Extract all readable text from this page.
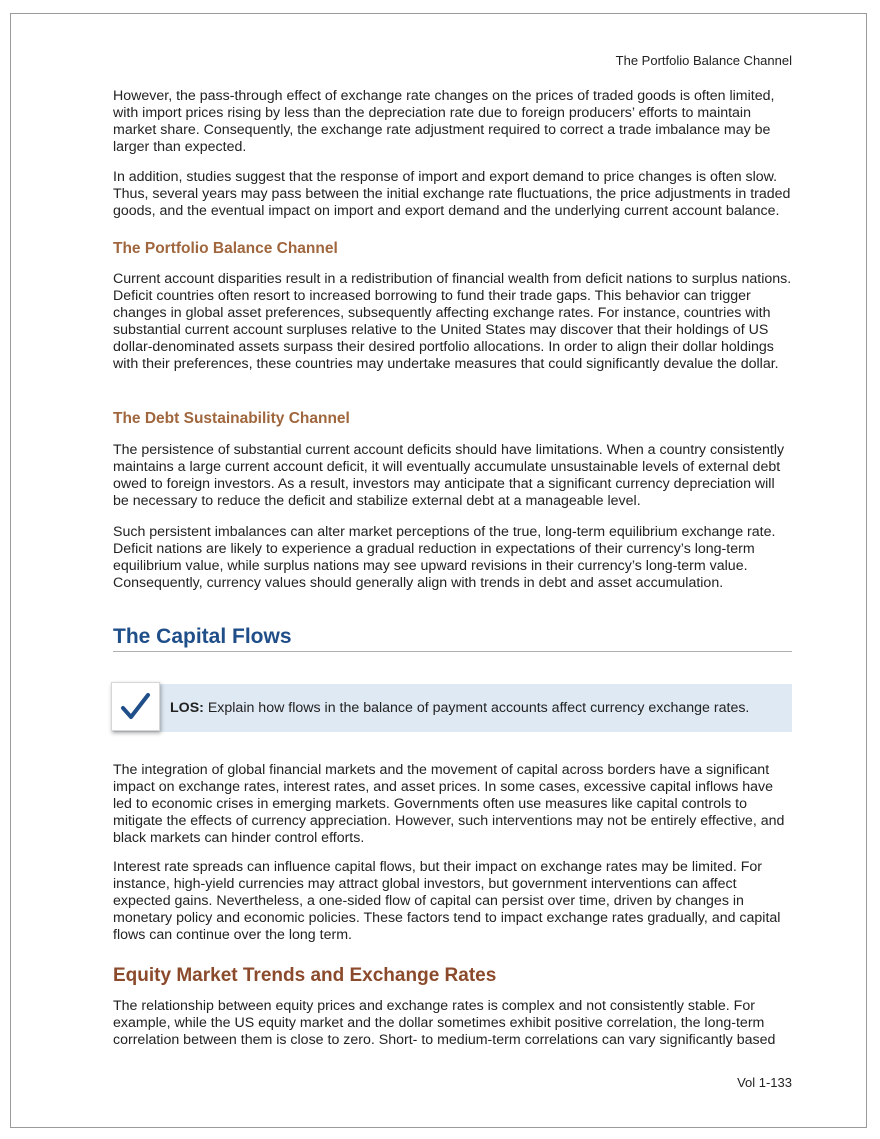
The Portfolio Balance Channel

However, the pass-through effect of exchange rate changes on the prices of traded goods is often limited, with import prices rising by less than the depreciation rate due to foreign producers’ efforts to maintain market share. Consequently, the exchange rate adjustment required to correct a trade imbalance may be larger than expected.

In addition, studies suggest that the response of import and export demand to price changes is often slow. Thus, several years may pass between the initial exchange rate fluctuations, the price adjustments in traded goods, and the eventual impact on import and export demand and the underlying current account balance.

The Portfolio Balance Channel

Current account disparities result in a redistribution of financial wealth from deficit nations to surplus nations. Deficit countries often resort to increased borrowing to fund their trade gaps. This behavior can trigger changes in global asset preferences, subsequently affecting exchange rates. For instance, countries with substantial current account surpluses relative to the United States may discover that their holdings of US dollar-denominated assets surpass their desired portfolio allocations. In order to align their dollar holdings with their preferences, these countries may undertake measures that could significantly devalue the dollar.

The Debt Sustainability Channel

The persistence of substantial current account deficits should have limitations. When a country consistently maintains a large current account deficit, it will eventually accumulate unsustainable levels of external debt owed to foreign investors. As a result, investors may anticipate that a significant currency depreciation will be necessary to reduce the deficit and stabilize external debt at a manageable level.

Such persistent imbalances can alter market perceptions of the true, long-term equilibrium exchange rate. Deficit nations are likely to experience a gradual reduction in expectations of their currency’s long-term equilibrium value, while surplus nations may see upward revisions in their currency’s long-term value. Consequently, currency values should generally align with trends in debt and asset accumulation.

The Capital Flows
LOS: Explain how flows in the balance of payment accounts affect currency exchange rates.

The integration of global financial markets and the movement of capital across borders have a significant impact on exchange rates, interest rates, and asset prices. In some cases, excessive capital inflows have led to economic crises in emerging markets. Governments often use measures like capital controls to mitigate the effects of currency appreciation. However, such interventions may not be entirely effective, and black markets can hinder control efforts.

Interest rate spreads can influence capital flows, but their impact on exchange rates may be limited. For instance, high-yield currencies may attract global investors, but government interventions can affect expected gains. Nevertheless, a one-sided flow of capital can persist over time, driven by changes in monetary policy and economic policies. These factors tend to impact exchange rates gradually, and capital flows can continue over the long term.

Equity Market Trends and Exchange Rates

The relationship between equity prices and exchange rates is complex and not consistently stable. For example, while the US equity market and the dollar sometimes exhibit positive correlation, the long-term correlation between them is close to zero. Short- to medium-term correlations can vary significantly based

Vol 1-133
